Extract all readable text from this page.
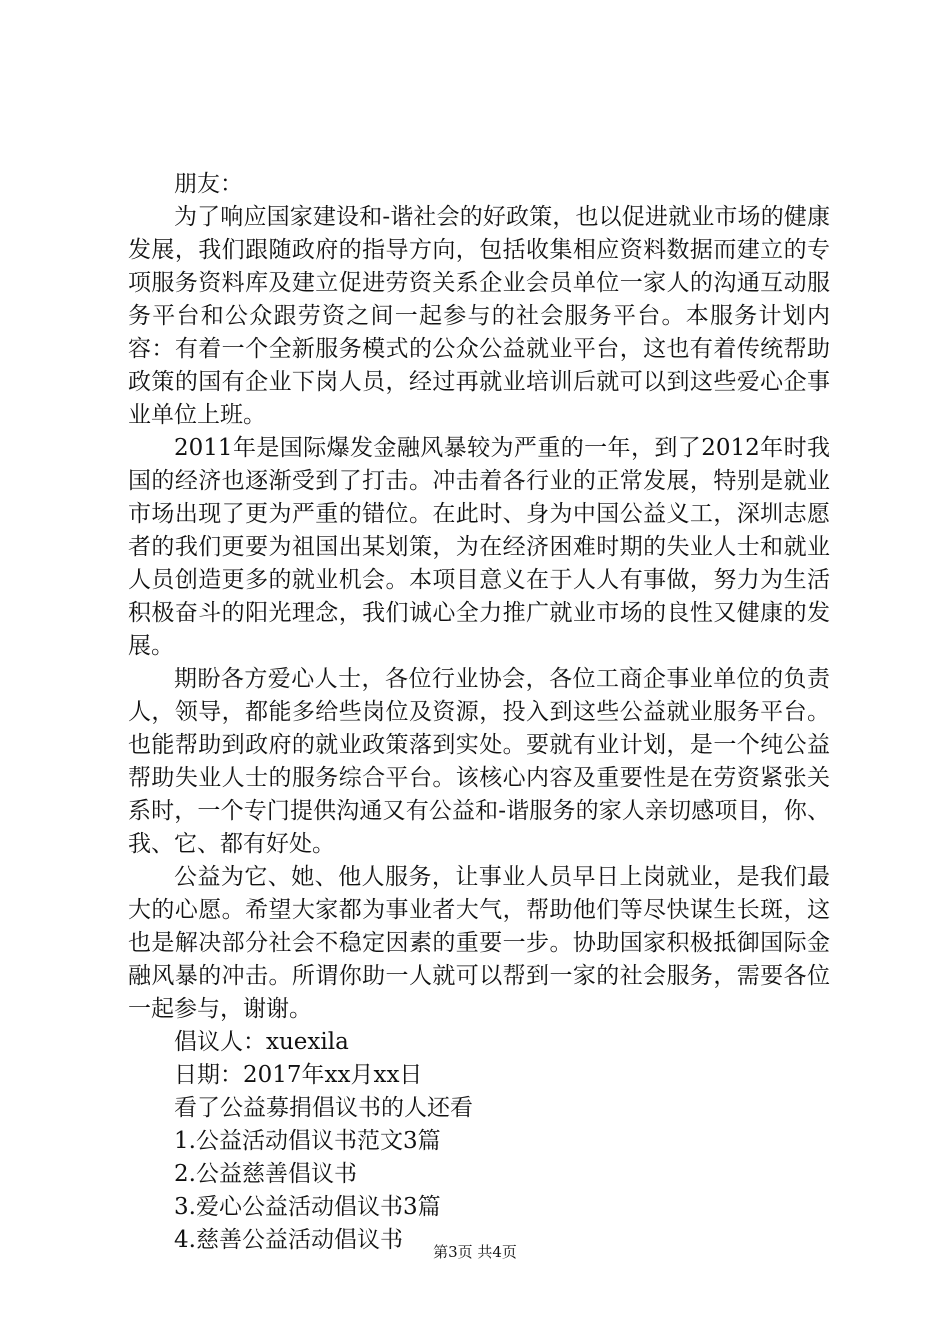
朋友：

为了响应国家建设和-谐社会的好政策，也以促进就业市场的健康发展，我们跟随政府的指导方向，包括收集相应资料数据而建立的专项服务资料库及建立促进劳资关系企业会员单位一家人的沟通互动服务平台和公众跟劳资之间一起参与的社会服务平台。本服务计划内容：有着一个全新服务模式的公众公益就业平台，这也有着传统帮助政策的国有企业下岗人员，经过再就业培训后就可以到这些爱心企事业单位上班。

2011年是国际爆发金融风暴较为严重的一年，到了2012年时我国的经济也逐渐受到了打击。冲击着各行业的正常发展，特别是就业市场出现了更为严重的错位。在此时、身为中国公益义工，深圳志愿者的我们更要为祖国出某划策，为在经济困难时期的失业人士和就业人员创造更多的就业机会。本项目意义在于人人有事做，努力为生活积极奋斗的阳光理念，我们诚心全力推广就业市场的良性又健康的发展。

期盼各方爱心人士，各位行业协会，各位工商企事业单位的负责人，领导，都能多给些岗位及资源，投入到这些公益就业服务平台。也能帮助到政府的就业政策落到实处。要就有业计划，是一个纯公益帮助失业人士的服务综合平台。该核心内容及重要性是在劳资紧张关系时，一个专门提供沟通又有公益和-谐服务的家人亲切感项目，你、我、它、都有好处。

公益为它、她、他人服务，让事业人员早日上岗就业，是我们最大的心愿。希望大家都为事业者大气，帮助他们等尽快谋生长斑，这也是解决部分社会不稳定因素的重要一步。协助国家积极抵御国际金融风暴的冲击。所谓你助一人就可以帮到一家的社会服务，需要各位一起参与，谢谢。

倡议人：xuexila

日期：2017年xx月xx日

看了公益募捐倡议书的人还看

1.公益活动倡议书范文3篇

2.公益慈善倡议书

3.爱心公益活动倡议书3篇

4.慈善公益活动倡议书	第3页 共4页
